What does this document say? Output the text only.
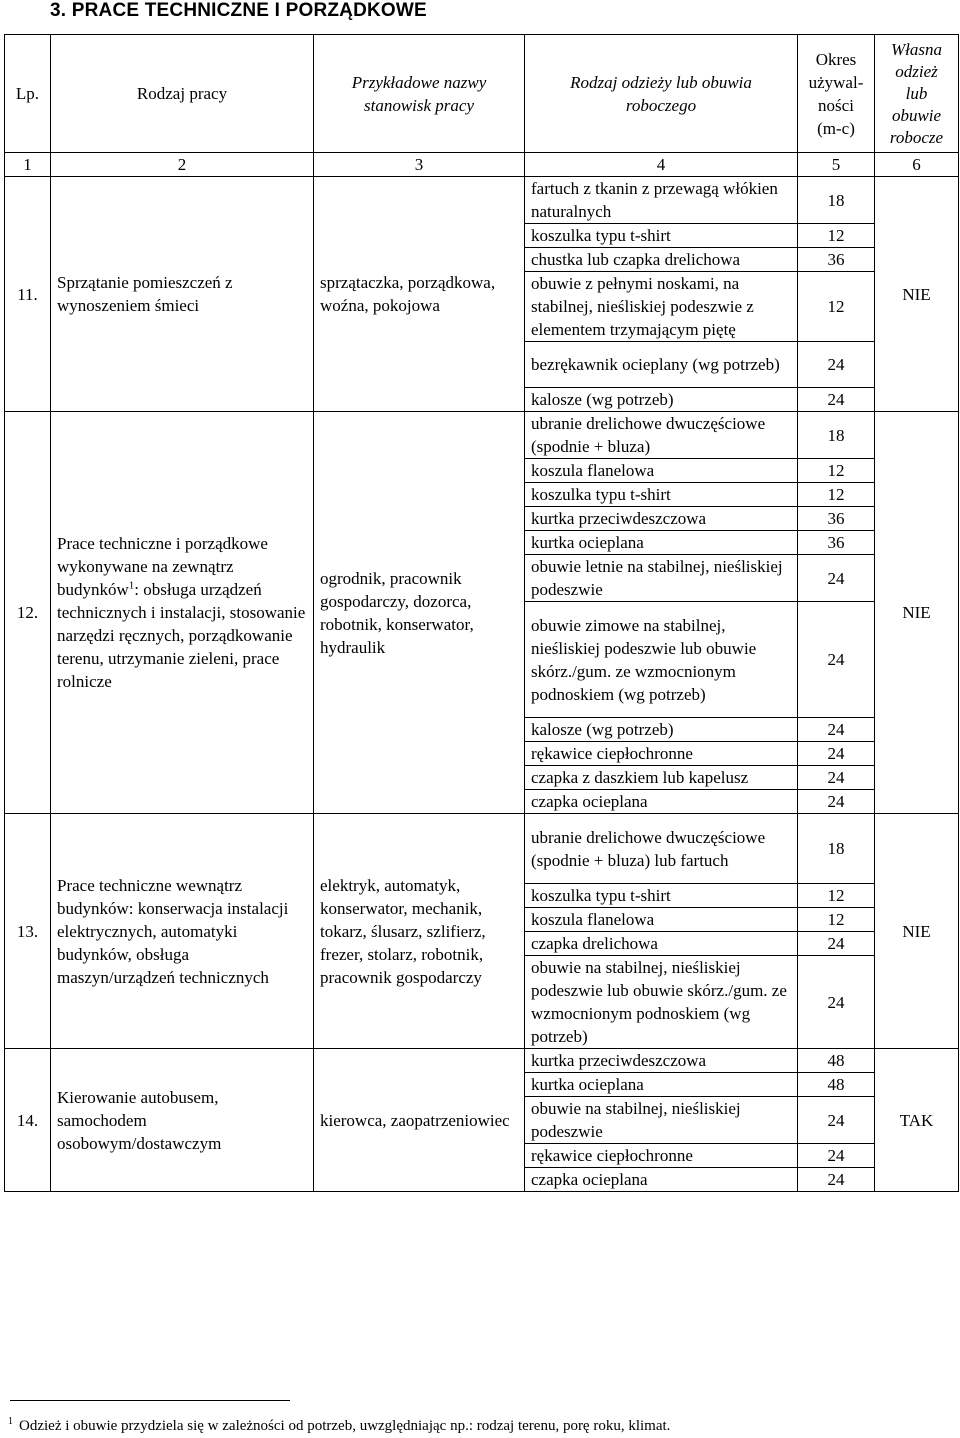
3. PRACE TECHNICZNE I PORZĄDKOWE
Lp.	Rodzaj pracy	Przykładowe nazwy stanowisk pracy	Rodzaj odzieży lub obuwia roboczego	Okres używal-ności (m-c)	Własna odzież lub obuwie robocze
1	2	3	4	5	6
11.	Sprzątanie pomieszczeń z wynoszeniem śmieci	sprzątaczka, porządkowa, woźna, pokojowa	fartuch z tkanin z przewagą włókien naturalnych	18	NIE
			koszulka typu t-shirt	12	
			chustka lub czapka drelichowa	36	
			obuwie z pełnymi noskami, na stabilnej, nieśliskiej podeszwie z elementem trzymającym piętę	12	
			bezrękawnik ocieplany (wg potrzeb)	24	
			kalosze (wg potrzeb)	24	
12.	Prace techniczne i porządkowe wykonywane na zewnątrz budynków$^1$: obsługa urządzeń technicznych i instalacji, stosowanie narzędzi ręcznych, porządkowanie terenu, utrzymanie zieleni, prace rolnicze	ogrodnik, pracownik gospodarczy, dozorca, robotnik, konserwator, hydraulik	ubranie drelichowe dwuczęściowe (spodnie + bluza)	18	NIE
			koszula flanelowa	12	
			koszulka typu t-shirt	12	
			kurtka przeciwdeszczowa	36	
			kurtka ocieplana	36	
			obuwie letnie na stabilnej, nieśliskiej podeszwie	24	
			obuwie zimowe na stabilnej, nieśliskiej podeszwie lub obuwie skórz./gum. ze wzmocnionym podnoskiem (wg potrzeb)	24	
			kalosze (wg potrzeb)	24	
			rękawice ciepłochronne	24	
			czapka z daszkiem lub kapelusz	24	
			czapka ocieplana	24	
13.	Prace techniczne wewnątrz budynków: konserwacja instalacji elektrycznych, automatyki budynków, obsługa maszyn/urządzeń technicznych	elektryk, automatyk, konserwator, mechanik, tokarz, ślusarz, szlifierz, frezer, stolarz, robotnik, pracownik gospodarczy	ubranie drelichowe dwuczęściowe (spodnie + bluza) lub fartuch	18	NIE
			koszulka typu t-shirt	12	
			koszula flanelowa	12	
			czapka drelichowa	24	
			obuwie na stabilnej, nieśliskiej podeszwie lub obuwie skórz./gum. ze wzmocnionym podnoskiem (wg potrzeb)	24	
14.	Kierowanie autobusem, samochodem osobowym/dostawczym	kierowca, zaopatrzeniowiec	kurtka przeciwdeszczowa	48	TAK
			kurtka ocieplana	48	
			obuwie na stabilnej, nieśliskiej podeszwie	24	
			rękawice ciepłochronne	24	
			czapka ocieplana	24	
$^1$ Odzież i obuwie przydziela się w zależności od potrzeb, uwzględniając np.: rodzaj terenu, porę roku, klimat.
